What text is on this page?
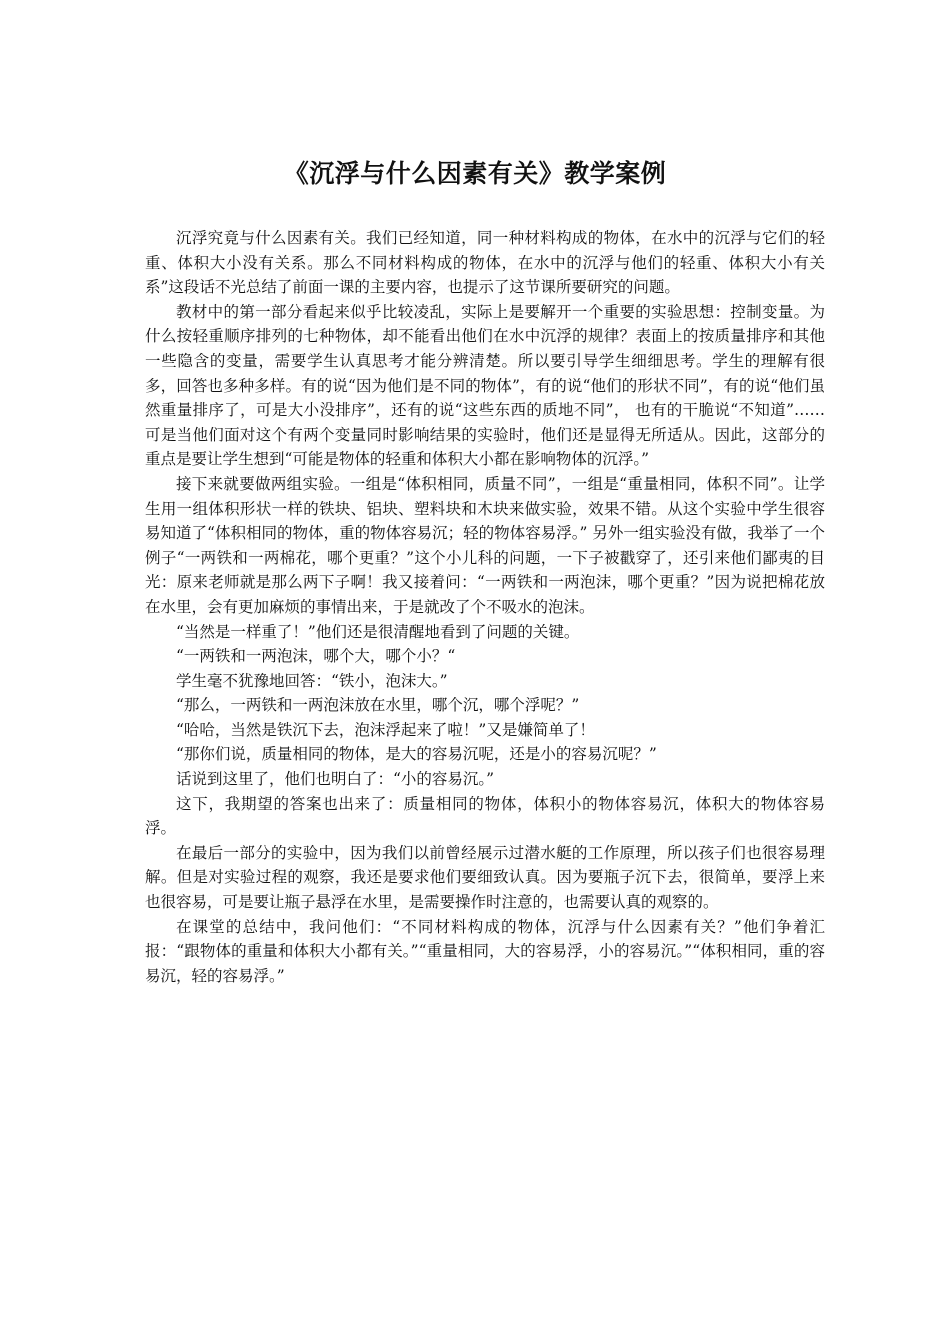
《沉浮与什么因素有关》教学案例

沉浮究竟与什么因素有关。我们已经知道，同一种材料构成的物体，在水中的沉浮与它们的轻重、体积大小没有关系。那么不同材料构成的物体，在水中的沉浮与他们的轻重、体积大小有关系”这段话不光总结了前面一课的主要内容，也提示了这节课所要研究的问题。

教材中的第一部分看起来似乎比较凌乱，实际上是要解开一个重要的实验思想：控制变量。为什么按轻重顺序排列的七种物体，却不能看出他们在水中沉浮的规律？表面上的按质量排序和其他一些隐含的变量，需要学生认真思考才能分辨清楚。所以要引导学生细细思考。学生的理解有很多，回答也多种多样。有的说“因为他们是不同的物体”，有的说“他们的形状不同”，有的说“他们虽然重量排序了，可是大小没排序”，还有的说“这些东西的质地不同”， 也有的干脆说“不知道”……可是当他们面对这个有两个变量同时影响结果的实验时，他们还是显得无所适从。因此，这部分的重点是要让学生想到“可能是物体的轻重和体积大小都在影响物体的沉浮。”

接下来就要做两组实验。一组是“体积相同，质量不同”，一组是“重量相同，体积不同”。让学生用一组体积形状一样的铁块、铝块、塑料块和木块来做实验，效果不错。从这个实验中学生很容易知道了“体积相同的物体，重的物体容易沉；轻的物体容易浮。” 另外一组实验没有做，我举了一个例子“一两铁和一两棉花，哪个更重？”这个小儿科的问题，一下子被戳穿了，还引来他们鄙夷的目光：原来老师就是那么两下子啊！我又接着问：“一两铁和一两泡沫，哪个更重？”因为说把棉花放在水里，会有更加麻烦的事情出来，于是就改了个不吸水的泡沫。

“当然是一样重了！”他们还是很清醒地看到了问题的关键。

“一两铁和一两泡沫，哪个大，哪个小？“

学生毫不犹豫地回答：“铁小，泡沫大。”

“那么，一两铁和一两泡沫放在水里，哪个沉，哪个浮呢？”

“哈哈，当然是铁沉下去，泡沫浮起来了啦！”又是嫌简单了！

“那你们说，质量相同的物体，是大的容易沉呢，还是小的容易沉呢？”

话说到这里了，他们也明白了：“小的容易沉。”

这下，我期望的答案也出来了：质量相同的物体，体积小的物体容易沉，体积大的物体容易浮。

在最后一部分的实验中，因为我们以前曾经展示过潜水艇的工作原理，所以孩子们也很容易理解。但是对实验过程的观察，我还是要求他们要细致认真。因为要瓶子沉下去，很简单，要浮上来也很容易，可是要让瓶子悬浮在水里，是需要操作时注意的，也需要认真的观察的。

在课堂的总结中，我问他们：“不同材料构成的物体，沉浮与什么因素有关？”他们争着汇报：“跟物体的重量和体积大小都有关。”“重量相同，大的容易浮，小的容易沉。”“体积相同，重的容易沉，轻的容易浮。”
